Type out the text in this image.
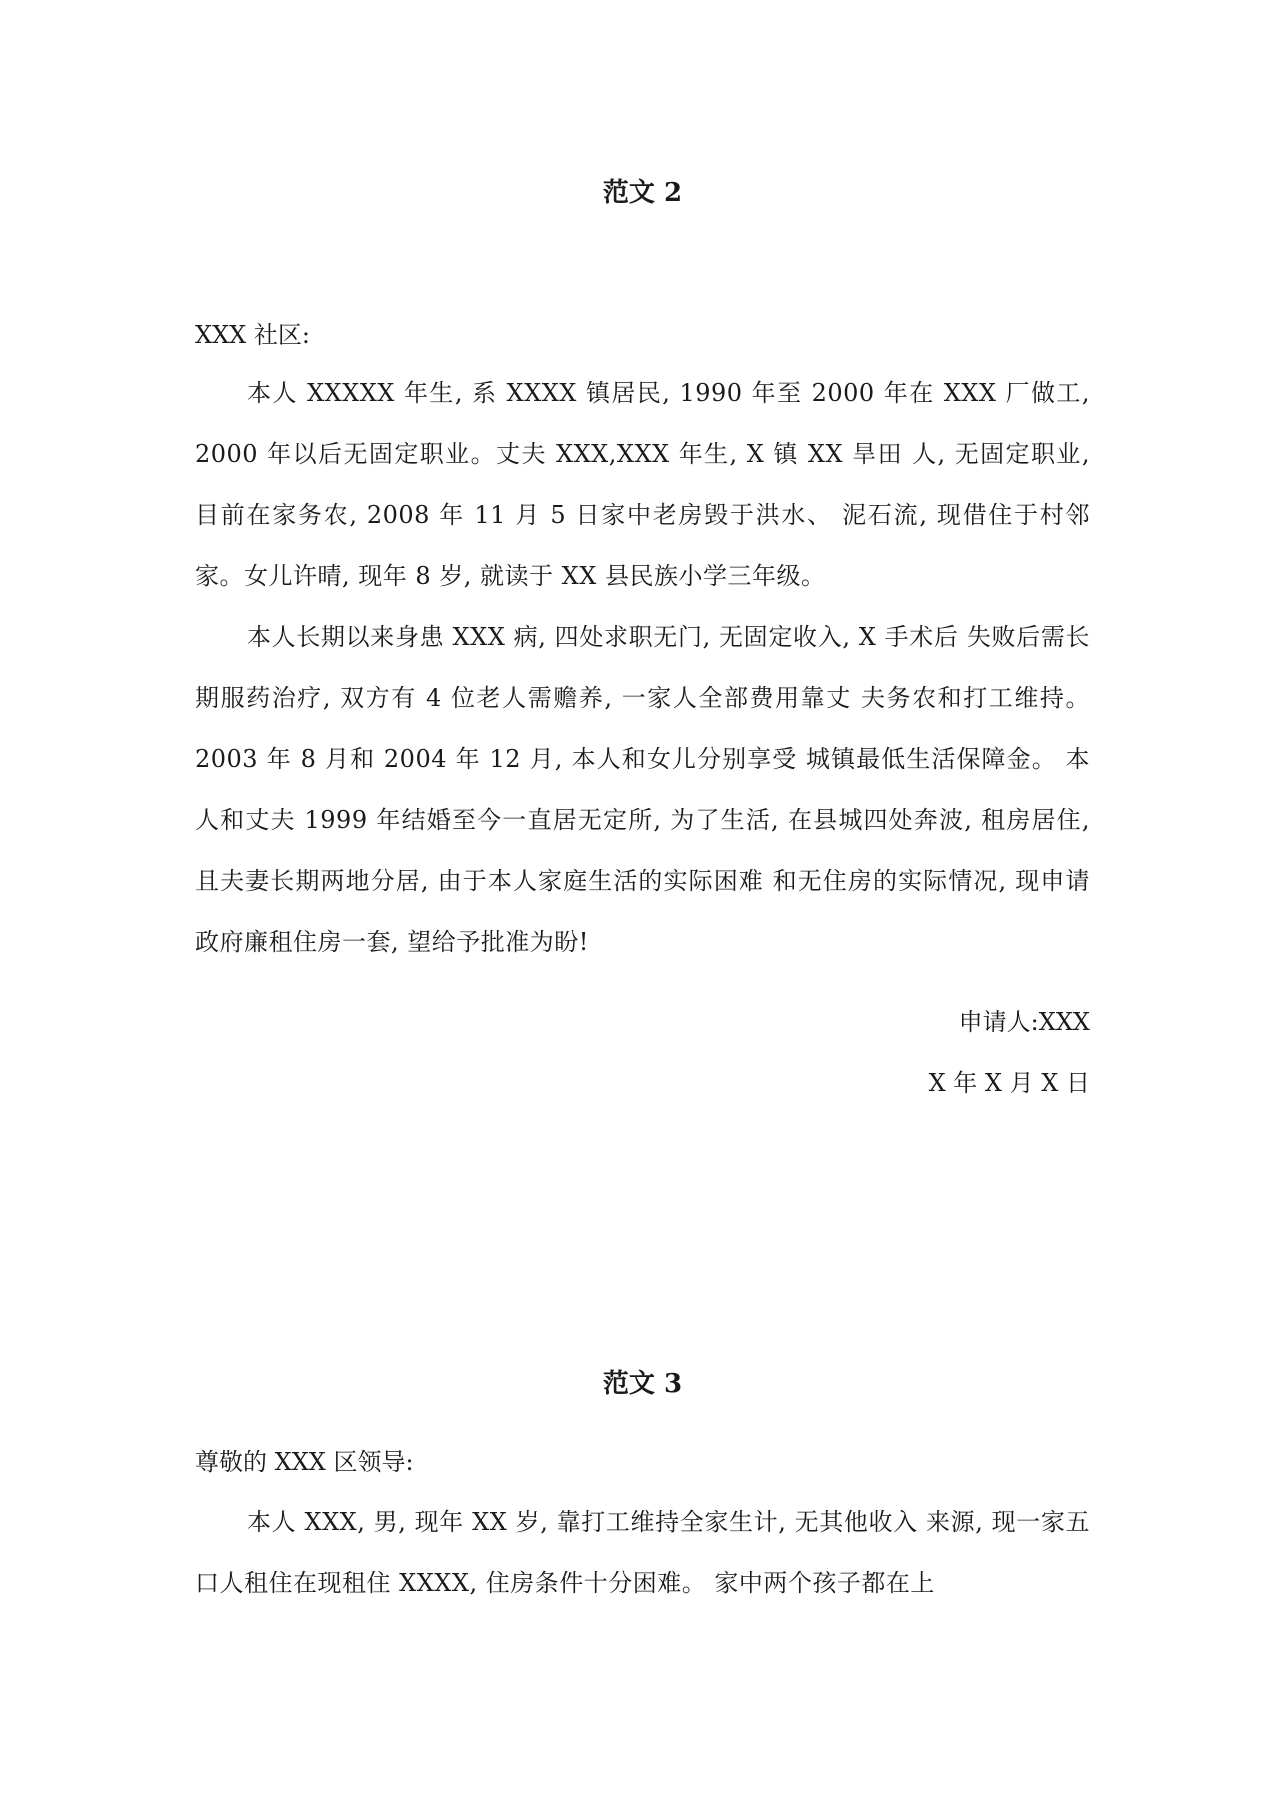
范文 2

XXX 社区:

本人 XXXXX 年生, 系 XXXX 镇居民, 1990 年至 2000 年在 XXX 厂做工, 2000 年以后无固定职业。丈夫 XXX,XXX 年生, X 镇 XX 旱田 人, 无固定职业, 目前在家务农, 2008 年 11 月 5 日家中老房毁于洪水、 泥石流, 现借住于村邻家。女儿许晴, 现年 8 岁, 就读于 XX 县民族小学三年级。

本人长期以来身患 XXX 病, 四处求职无门, 无固定收入, X 手术后 失败后需长期服药治疗, 双方有 4 位老人需赡养, 一家人全部费用靠丈 夫务农和打工维持。2003 年 8 月和 2004 年 12 月, 本人和女儿分别享受 城镇最低生活保障金。 本人和丈夫 1999 年结婚至今一直居无定所, 为了生活, 在县城四处奔波, 租房居住, 且夫妻长期两地分居, 由于本人家庭生活的实际困难 和无住房的实际情况, 现申请政府廉租住房一套, 望给予批准为盼!

申请人:XXX

X 年 X 月 X 日

范文 3

尊敬的 XXX 区领导:

本人 XXX, 男, 现年 XX 岁, 靠打工维持全家生计, 无其他收入 来源, 现一家五口人租住在现租住 XXXX, 住房条件十分困难。 家中两个孩子都在上
